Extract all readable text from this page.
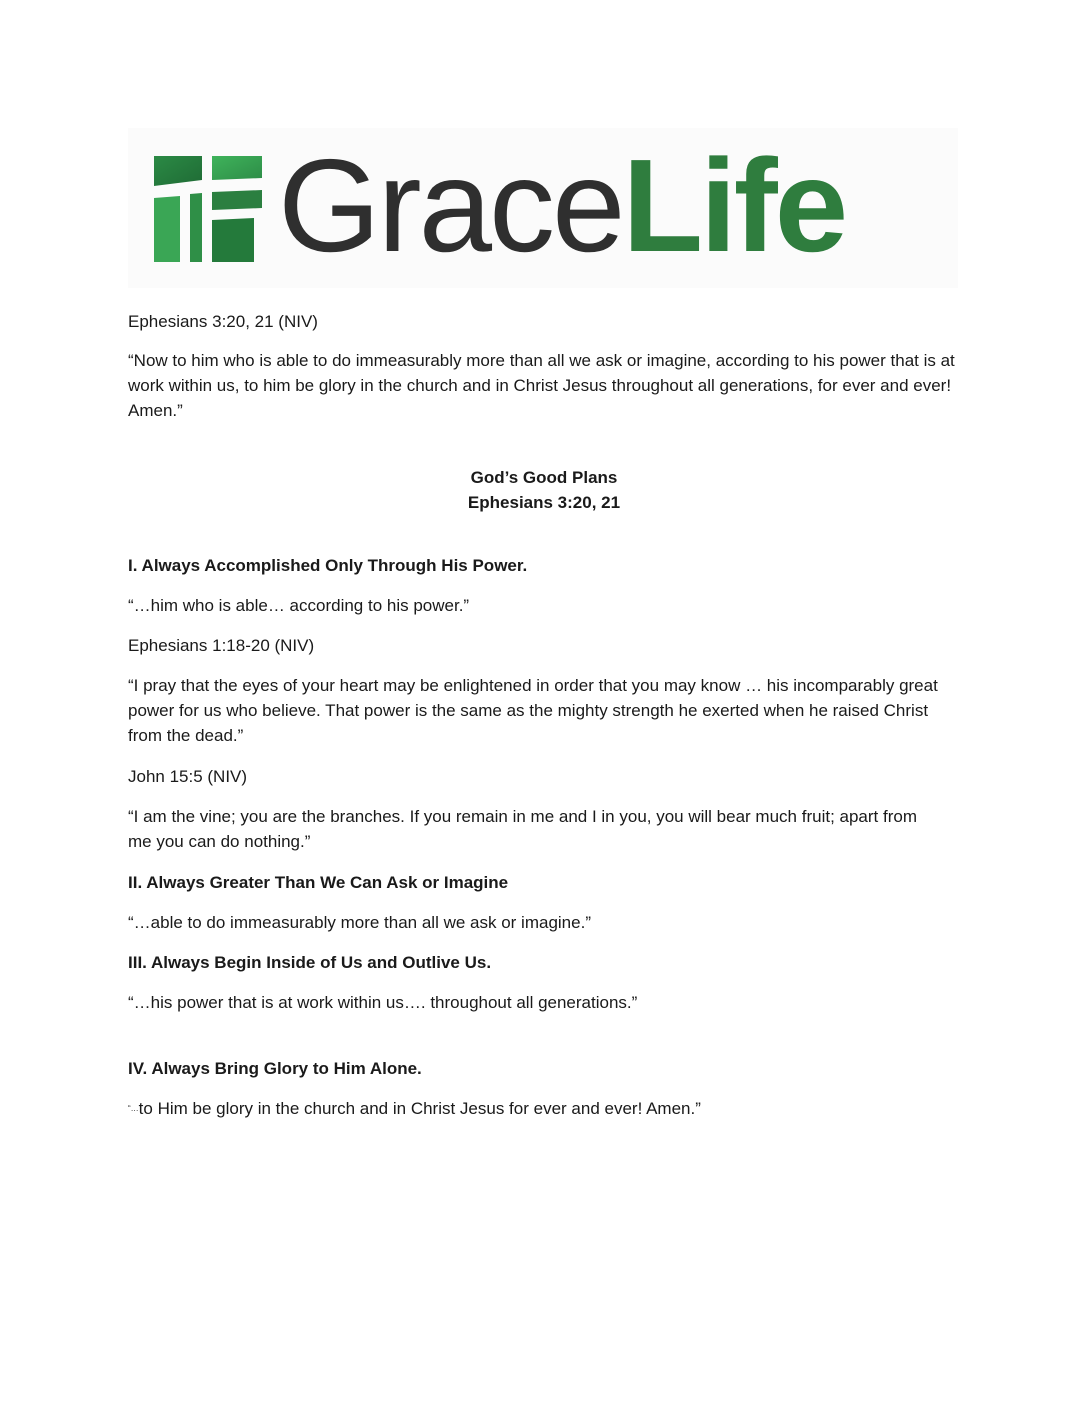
GraceLife

Ephesians 3:20, 21 (NIV)

“Now to him who is able to do immeasurably more than all we ask or imagine, according to his power that is at work within us, to him be glory in the church and in Christ Jesus throughout all generations, for ever and ever! Amen.”

God’s Good Plans

Ephesians 3:20, 21

I. Always Accomplished Only Through His Power.

“…him who is able… according to his power.”

Ephesians 1:18-20 (NIV)

“I pray that the eyes of your heart may be enlightened in order that you may know … his incomparably great power for us who believe. That power is the same as the mighty strength he exerted when he raised Christ from the dead.”

John 15:5 (NIV)

“I am the vine; you are the branches. If you remain in me and I in you, you will bear much fruit; apart from me you can do nothing.”

II. Always Greater Than We Can Ask or Imagine

“…able to do immeasurably more than all we ask or imagine.”

III. Always Begin Inside of Us and Outlive Us.

“…his power that is at work within us…. throughout all generations.”

IV. Always Bring Glory to Him Alone.

“…to Him be glory in the church and in Christ Jesus for ever and ever! Amen.”
